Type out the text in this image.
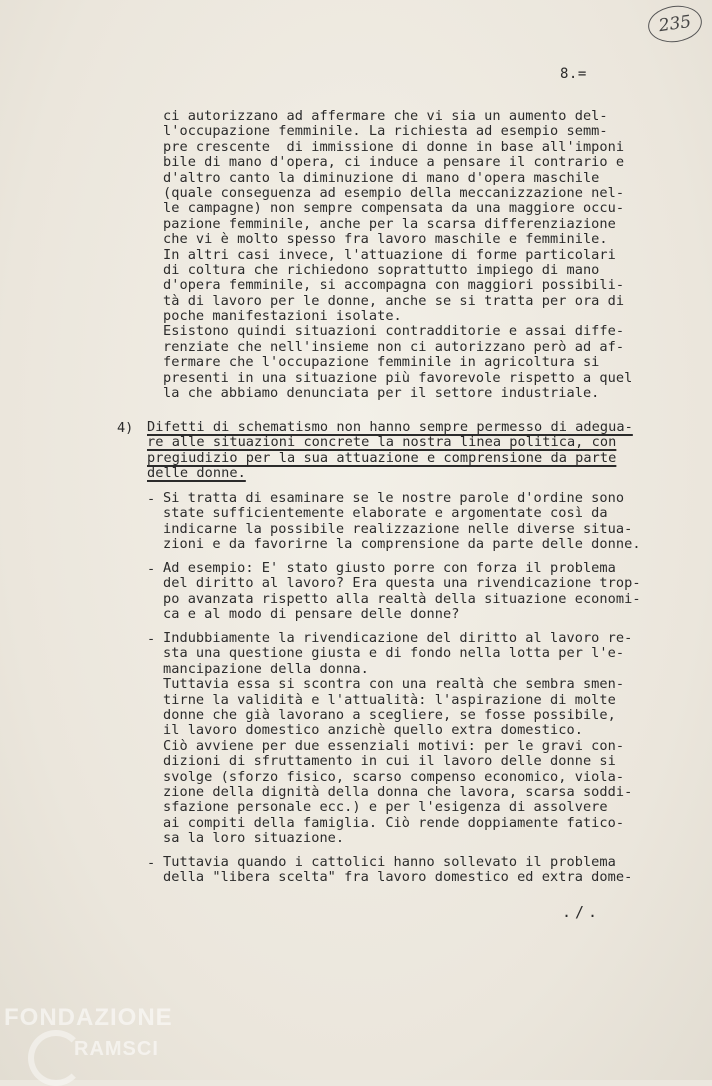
235
8.=
ci autorizzano ad affermare che vi sia un aumento del-
l'occupazione femminile. La richiesta ad esempio semm-
pre crescente  di immissione di donne in base all'imponi
bile di mano d'opera, ci induce a pensare il contrario e
d'altro canto la diminuzione di mano d'opera maschile
(quale conseguenza ad esempio della meccanizzazione nel-
le campagne) non sempre compensata da una maggiore occu-
pazione femminile, anche per la scarsa differenziazione
che vi è molto spesso fra lavoro maschile e femminile.
In altri casi invece, l'attuazione di forme particolari
di coltura che richiedono soprattutto impiego di mano
d'opera femminile, si accompagna con maggiori possibili-
tà di lavoro per le donne, anche se si tratta per ora di
poche manifestazioni isolate.
Esistono quindi situazioni contradditorie e assai diffe-
renziate che nell'insieme non ci autorizzano però ad af-
fermare che l'occupazione femminile in agricoltura si
presenti in una situazione più favorevole rispetto a quel
la che abbiamo denunciata per il settore industriale.
4) Difetti di schematismo non hanno sempre permesso di adegua-
re alle situazioni concrete la nostra linea politica, con
pregiudizio per la sua attuazione e comprensione da parte
delle donne.
- Si tratta di esaminare se le nostre parole d'ordine sono
state sufficientemente elaborate e argomentate così da
indicarne la possibile realizzazione nelle diverse situa-
zioni e da favorirne la comprensione da parte delle donne.
- Ad esempio: E' stato giusto porre con forza il problema
del diritto al lavoro? Era questa una rivendicazione trop-
po avanzata rispetto alla realtà della situazione economi-
ca e al modo di pensare delle donne?
- Indubbiamente la rivendicazione del diritto al lavoro re-
sta una questione giusta e di fondo nella lotta per l'e-
mancipazione della donna.
Tuttavia essa si scontra con una realtà che sembra smen-
tirne la validità e l'attualità: l'aspirazione di molte
donne che già lavorano a scegliere, se fosse possibile,
il lavoro domestico anzichè quello extra domestico.
Ciò avviene per due essenziali motivi: per le gravi con-
dizioni di sfruttamento in cui il lavoro delle donne si
svolge (sforzo fisico, scarso compenso economico, viola-
zione della dignità della donna che lavora, scarsa soddi-
sfazione personale ecc.) e per l'esigenza di assolvere
ai compiti della famiglia. Ciò rende doppiamente fatico-
sa la loro situazione.
- Tuttavia quando i cattolici hanno sollevato il problema
della "libera scelta" fra lavoro domestico ed extra dome-
./.
FONDAZIONE
RAMSCI
